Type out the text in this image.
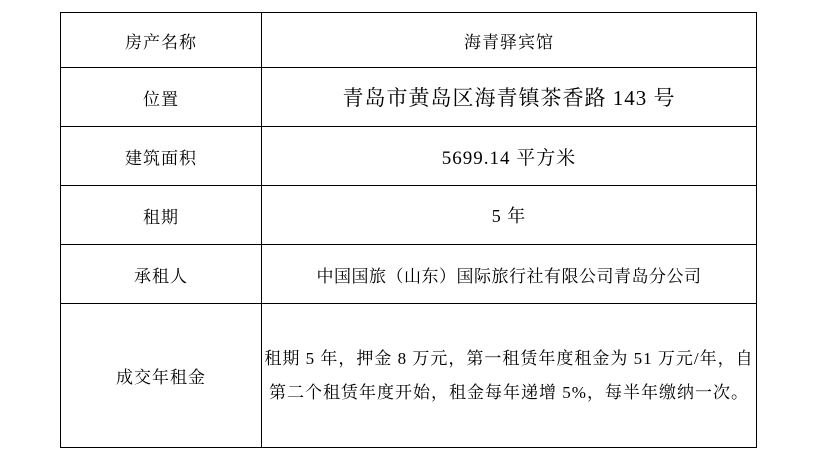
房产名称	海青驿宾馆
位置	青岛市黄岛区海青镇茶香路 143 号
建筑面积	5699.14 平方米
租期	5 年
承租人	中国国旅（山东）国际旅行社有限公司青岛分公司
成交年租金	租期 5 年，押金 8 万元，第一租赁年度租金为 51 万元/年，自第二个租赁年度开始，租金每年递增 5%，每半年缴纳一次。
